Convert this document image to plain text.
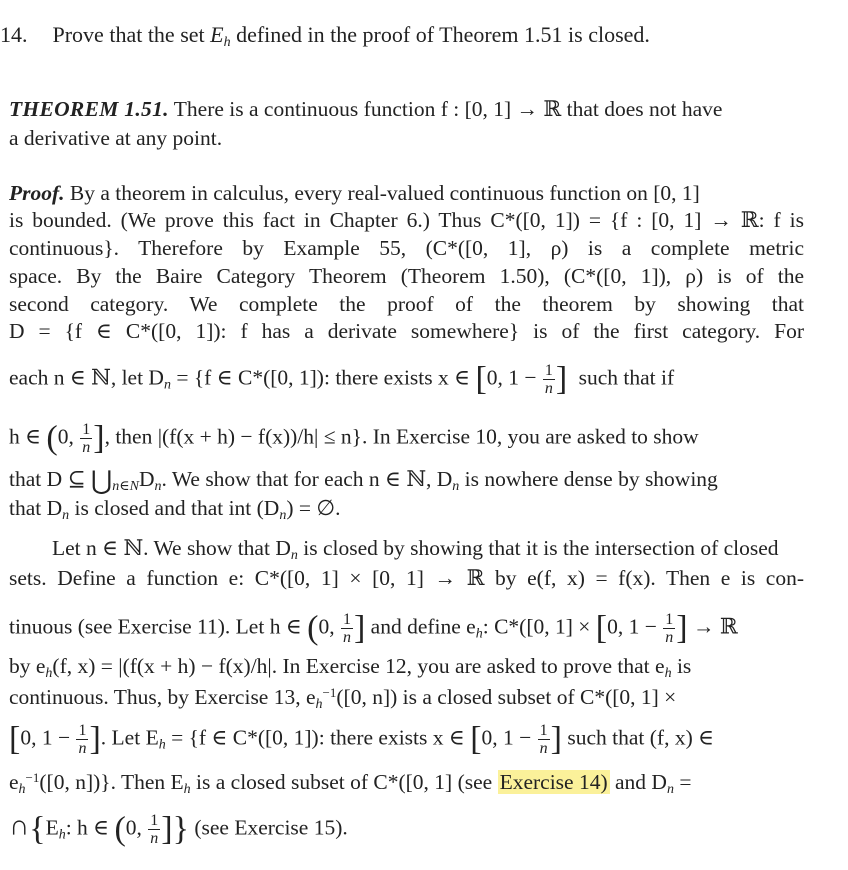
14. Prove that the set $E_h$ defined in the proof of Theorem 1.51 is closed.
THEOREM 1.51. There is a continuous function f : [0, 1] → ℝ that does not have
a derivative at any point.
Proof. By a theorem in calculus, every real-valued continuous function on [0, 1]
is bounded. (We prove this fact in Chapter 6.) Thus C*([0, 1]) = {f : [0, 1] → ℝ: f is
continuous}. Therefore by Example 55, (C*([0, 1], ρ) is a complete metric
space. By the Baire Category Theorem (Theorem 1.50), (C*([0, 1]), ρ) is of the
second category. We complete the proof of the theorem by showing that
D = {f ∈ C*([0, 1]): f has a derivate somewhere} is of the first category. For
each n ∈ ℕ, let $D_n = \{f$ ∈ C*([0, 1]): there exists x ∈ [0, $1 - \frac{1}{n}$ ] such that if
h ∈ (0, $\frac{1}{n}$ ], then |(f(x + h) − f(x))/h| ≤ n}. In Exercise 10, you are asked to show
that D ⊆ $⋃_{n\in N}D_n$. We show that for each n ∈ ℕ, $D_n$ is nowhere dense by showing
that $D_n$ is closed and that int $(D_n)$ = ∅.
Let n ∈ ℕ. We show that $D_n$ is closed by showing that it is the intersection of closed
sets. Define a function e: C*([0, 1] × [0, 1] → ℝ by e(f, x) = f(x). Then e is con-
tinuous (see Exercise 11). Let h ∈ (0, $\frac{1}{n}$ ] and define $e_h$: C*([0, 1] × [0, $1 - \frac{1}{n}$ ] → ℝ
by $e_h(f$, x) = |(f(x + h) − f(x)/h|. In Exercise 12, you are asked to prove that $e_h$ is
continuous. Thus, by Exercise 13, $e_h^{-1}([0$, n]) is a closed subset of C*([0, 1] ×
[0, $1 - \frac{1}{n}$ ]. Let $E_h = \{f$ ∈ C*([0, 1]): there exists x ∈ [0, $1 - \frac{1}{n}$ ] such that (f, x) ∈
$e_h^{-1}([0$, n])}. Then $E_h$ is a closed subset of C*([0, 1] (see Exercise 14) and $D_n$ =
$\cap\{E_h$: h ∈ (0, $\frac{1}{n}$ ]} (see Exercise 15).
